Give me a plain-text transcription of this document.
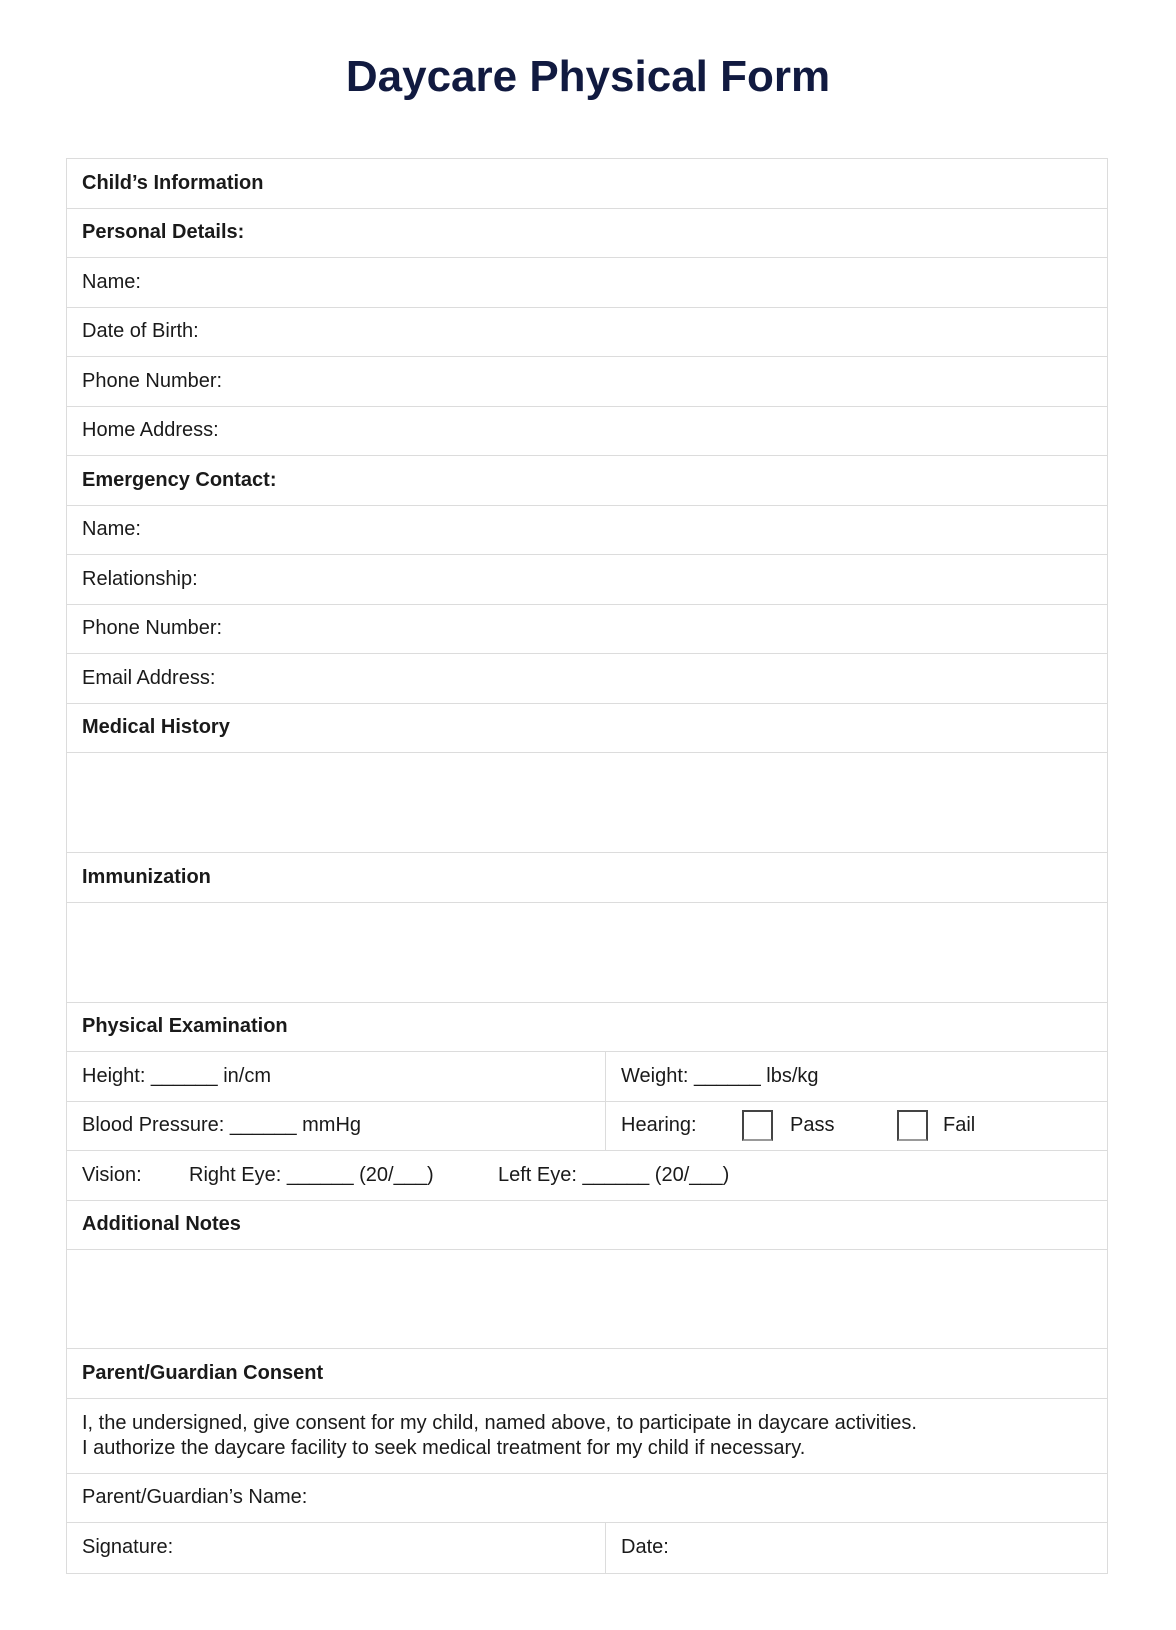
Daycare Physical Form
Child’s Information
Personal Details:
Name:
Date of Birth:
Phone Number:
Home Address:
Emergency Contact:
Name:
Relationship:
Phone Number:
Email Address:
Medical History
Immunization
Physical Examination
Height: ______ in/cm	Weight: ______ lbs/kg
Blood Pressure: ______ mmHg	Hearing:	Pass	Fail
Vision:	Right Eye: ______ (20/___)	Left Eye: ______ (20/___)
Additional Notes
Parent/Guardian Consent
I, the undersigned, give consent for my child, named above, to participate in daycare activities.
I authorize the daycare facility to seek medical treatment for my child if necessary.
Parent/Guardian’s Name:
Signature:	Date:
